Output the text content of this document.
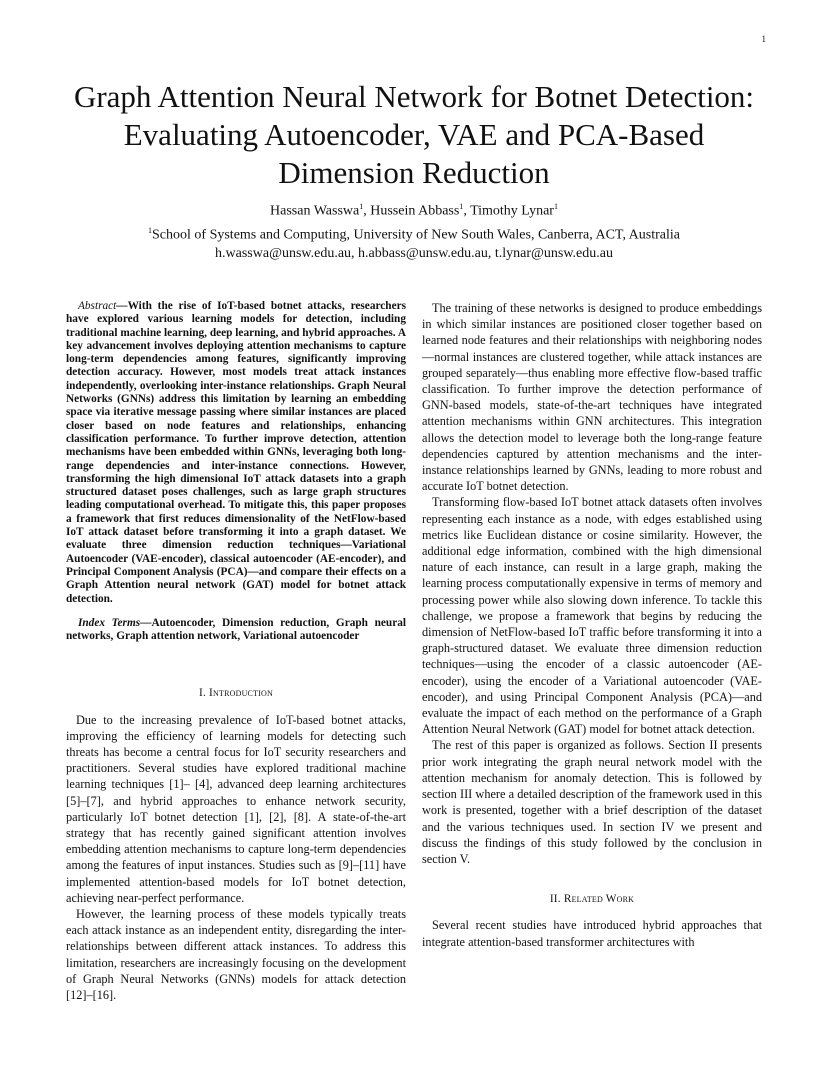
1
Graph Attention Neural Network for Botnet Detection: Evaluating Autoencoder, VAE and PCA-Based Dimension Reduction
Hassan Wasswa$^1$, Hussein Abbass$^1$, Timothy Lynar$^1$
$^1$School of Systems and Computing, University of New South Wales, Canberra, ACT, Australia
h.wasswa@unsw.edu.au, h.abbass@unsw.edu.au, t.lynar@unsw.edu.au

Abstract—With the rise of IoT-based botnet attacks, researchers have explored various learning models for detection, including traditional machine learning, deep learning, and hybrid approaches. A key advancement involves deploying attention mechanisms to capture long-term dependencies among features, significantly improving detection accuracy. However, most models treat attack instances independently, overlooking inter-instance relationships. Graph Neural Networks (GNNs) address this limitation by learning an embedding space via iterative message passing where similar instances are placed closer based on node features and relationships, enhancing classification performance. To further improve detection, attention mechanisms have been embedded within GNNs, leveraging both long-range dependencies and inter-instance connections. However, transforming the high dimensional IoT attack datasets into a graph structured dataset poses challenges, such as large graph structures leading computational overhead. To mitigate this, this paper proposes a framework that first reduces dimensionality of the NetFlow-based IoT attack dataset before transforming it into a graph dataset. We evaluate three dimension reduction techniques—Variational Autoencoder (VAE-encoder), classical autoencoder (AE-encoder), and Principal Component Analysis (PCA)—and compare their effects on a Graph Attention neural network (GAT) model for botnet attack detection.

Index Terms—Autoencoder, Dimension reduction, Graph neural networks, Graph attention network, Variational autoencoder

I. Introduction

Due to the increasing prevalence of IoT-based botnet attacks, improving the efficiency of learning models for detecting such threats has become a central focus for IoT security researchers and practitioners. Several studies have explored traditional machine learning techniques [1]– [4], advanced deep learning architectures [5]–[7], and hybrid approaches to enhance network security, particularly IoT botnet detection [1], [2], [8]. A state-of-the-art strategy that has recently gained significant attention involves embedding attention mechanisms to capture long-term dependencies among the features of input instances. Studies such as [9]–[11] have implemented attention-based models for IoT botnet detection, achieving near-perfect performance.

However, the learning process of these models typically treats each attack instance as an independent entity, disregarding the inter-relationships between different attack instances. To address this limitation, researchers are increasingly focusing on the development of Graph Neural Networks (GNNs) models for attack detection [12]–[16].

The training of these networks is designed to produce embeddings in which similar instances are positioned closer together based on learned node features and their relationships with neighboring nodes—normal instances are clustered together, while attack instances are grouped separately—thus enabling more effective flow-based traffic classification. To further improve the detection performance of GNN-based models, state-of-the-art techniques have integrated attention mechanisms within GNN architectures. This integration allows the detection model to leverage both the long-range feature dependencies captured by attention mechanisms and the inter-instance relationships learned by GNNs, leading to more robust and accurate IoT botnet detection.

Transforming flow-based IoT botnet attack datasets often involves representing each instance as a node, with edges established using metrics like Euclidean distance or cosine similarity. However, the additional edge information, combined with the high dimensional nature of each instance, can result in a large graph, making the learning process computationally expensive in terms of memory and processing power while also slowing down inference. To tackle this challenge, we propose a framework that begins by reducing the dimension of NetFlow-based IoT traffic before transforming it into a graph-structured dataset. We evaluate three dimension reduction techniques—using the encoder of a classic autoencoder (AE-encoder), using the encoder of a Variational autoencoder (VAE-encoder), and using Principal Component Analysis (PCA)—and evaluate the impact of each method on the performance of a Graph Attention Neural Network (GAT) model for botnet attack detection.

The rest of this paper is organized as follows. Section II presents prior work integrating the graph neural network model with the attention mechanism for anomaly detection. This is followed by section III where a detailed description of the framework used in this work is presented, together with a brief description of the dataset and the various techniques used. In section IV we present and discuss the findings of this study followed by the conclusion in section V.

II. Related Work

Several recent studies have introduced hybrid approaches that integrate attention-based transformer architectures with
